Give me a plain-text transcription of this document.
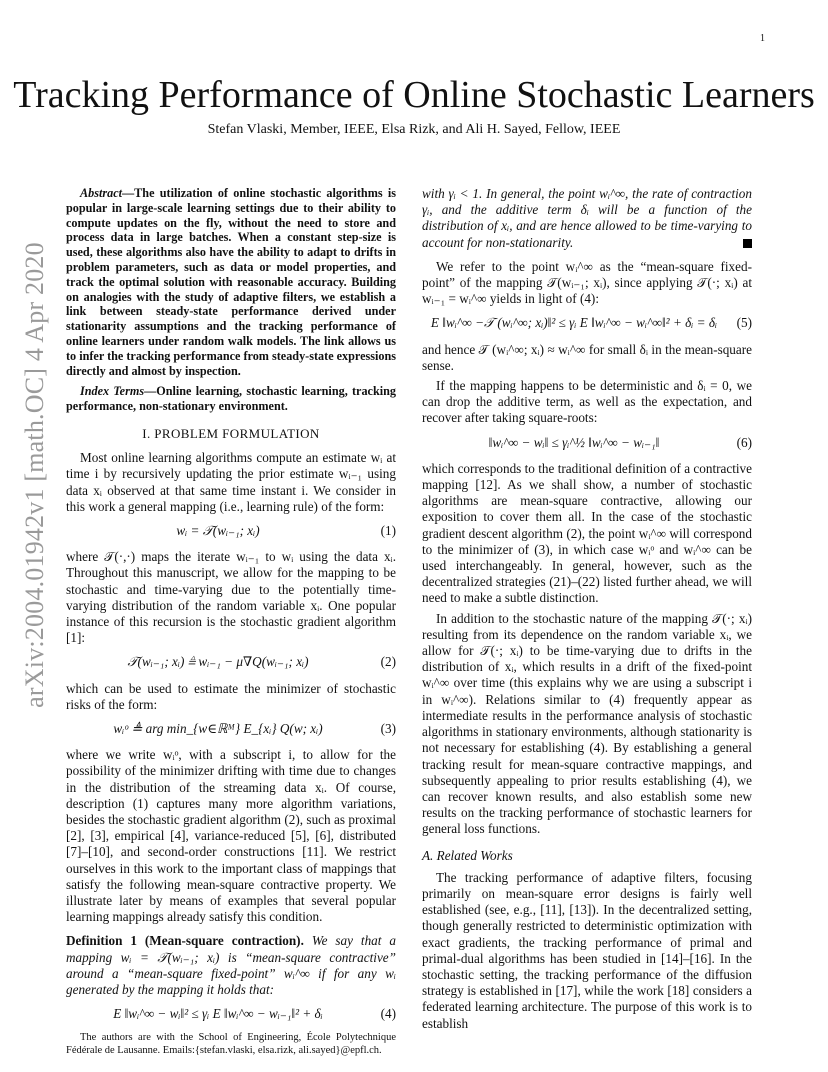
1
arXiv:2004.01942v1 [math.OC] 4 Apr 2020
Tracking Performance of Online Stochastic Learners
Stefan Vlaski, Member, IEEE, Elsa Rizk, and Ali H. Sayed, Fellow, IEEE

Abstract—The utilization of online stochastic algorithms is popular in large-scale learning settings due to their ability to compute updates on the fly, without the need to store and process data in large batches. When a constant step-size is used, these algorithms also have the ability to adapt to drifts in problem parameters, such as data or model properties, and track the optimal solution with reasonable accuracy. Building on analogies with the study of adaptive filters, we establish a link between steady-state performance derived under stationarity assumptions and the tracking performance of online learners under random walk models. The link allows us to infer the tracking performance from steady-state expressions directly and almost by inspection.

Index Terms—Online learning, stochastic learning, tracking performance, non-stationary environment.

I. PROBLEM FORMULATION

Most online learning algorithms compute an estimate wᵢ at time i by recursively updating the prior estimate wᵢ₋₁ using data xᵢ observed at that same time instant i. We consider in this work a general mapping (i.e., learning rule) of the form:

wᵢ = 𝒯(wᵢ₋₁; xᵢ)	(1)

where 𝒯(·,·) maps the iterate wᵢ₋₁ to wᵢ using the data xᵢ. Throughout this manuscript, we allow for the mapping to be stochastic and time-varying due to the potentially time-varying distribution of the random variable xᵢ. One popular instance of this recursion is the stochastic gradient algorithm [1]:

𝒯(wᵢ₋₁; xᵢ) ≜ wᵢ₋₁ − μ∇Q(wᵢ₋₁; xᵢ)	(2)

which can be used to estimate the minimizer of stochastic risks of the form:

wᵢᵒ ≜ arg min_{w∈ℝᴹ} E_{xᵢ} Q(w; xᵢ)	(3)

where we write wᵢᵒ, with a subscript i, to allow for the possibility of the minimizer drifting with time due to changes in the distribution of the streaming data xᵢ. Of course, description (1) captures many more algorithm variations, besides the stochastic gradient algorithm (2), such as proximal [2], [3], empirical [4], variance-reduced [5], [6], distributed [7]–[10], and second-order constructions [11]. We restrict ourselves in this work to the important class of mappings that satisfy the following mean-square contractive property. We illustrate later by means of examples that several popular learning mappings already satisfy this condition.

Definition 1 (Mean-square contraction). We say that a mapping wᵢ = 𝒯(wᵢ₋₁; xᵢ) is “mean-square contractive” around a “mean-square fixed-point” wᵢ^∞ if for any wᵢ generated by the mapping it holds that:

E ‖wᵢ^∞ − wᵢ‖² ≤ γᵢ E ‖wᵢ^∞ − wᵢ₋₁‖² + δᵢ	(4)

The authors are with the School of Engineering, École Polytechnique Fédérale de Lausanne. Emails:{stefan.vlaski, elsa.rizk, ali.sayed}@epfl.ch.

with γᵢ < 1. In general, the point wᵢ^∞, the rate of contraction γᵢ, and the additive term δᵢ will be a function of the distribution of xᵢ, and are hence allowed to be time-varying to account for non-stationarity.

We refer to the point wᵢ^∞ as the “mean-square fixed-point” of the mapping 𝒯(wᵢ₋₁; xᵢ), since applying 𝒯(·; xᵢ) at wᵢ₋₁ = wᵢ^∞ yields in light of (4):

E ‖wᵢ^∞ −𝒯 (wᵢ^∞; xᵢ)‖² ≤ γᵢ E ‖wᵢ^∞ − wᵢ^∞‖² + δᵢ = δᵢ	(5)

and hence 𝒯 (wᵢ^∞; xᵢ) ≈ wᵢ^∞ for small δᵢ in the mean-square sense.

If the mapping happens to be deterministic and δᵢ = 0, we can drop the additive term, as well as the expectation, and recover after taking square-roots:

‖wᵢ^∞ − wᵢ‖ ≤ γᵢ^½ ‖wᵢ^∞ − wᵢ₋₁‖	(6)

which corresponds to the traditional definition of a contractive mapping [12]. As we shall show, a number of stochastic algorithms are mean-square contractive, allowing our exposition to cover them all. In the case of the stochastic gradient descent algorithm (2), the point wᵢ^∞ will correspond to the minimizer of (3), in which case wᵢᵒ and wᵢ^∞ can be used interchangeably. In general, however, such as the decentralized strategies (21)–(22) listed further ahead, we will need to make a subtle distinction.

In addition to the stochastic nature of the mapping 𝒯(·; xᵢ) resulting from its dependence on the random variable xᵢ, we allow for 𝒯(·; xᵢ) to be time-varying due to drifts in the distribution of xᵢ, which results in a drift of the fixed-point wᵢ^∞ over time (this explains why we are using a subscript i in wᵢ^∞). Relations similar to (4) frequently appear as intermediate results in the performance analysis of stochastic algorithms in stationary environments, although stationarity is not necessary for establishing (4). By establishing a general tracking result for mean-square contractive mappings, and subsequently appealing to prior results establishing (4), we can recover known results, and also establish some new results on the tracking performance of stochastic learners for general loss functions.

A. Related Works

The tracking performance of adaptive filters, focusing primarily on mean-square error designs is fairly well established (see, e.g., [11], [13]). In the decentralized setting, though generally restricted to deterministic optimization with exact gradients, the tracking performance of primal and primal-dual algorithms has been studied in [14]–[16]. In the stochastic setting, the tracking performance of the diffusion strategy is established in [17], while the work [18] considers a federated learning architecture. The purpose of this work is to establish
